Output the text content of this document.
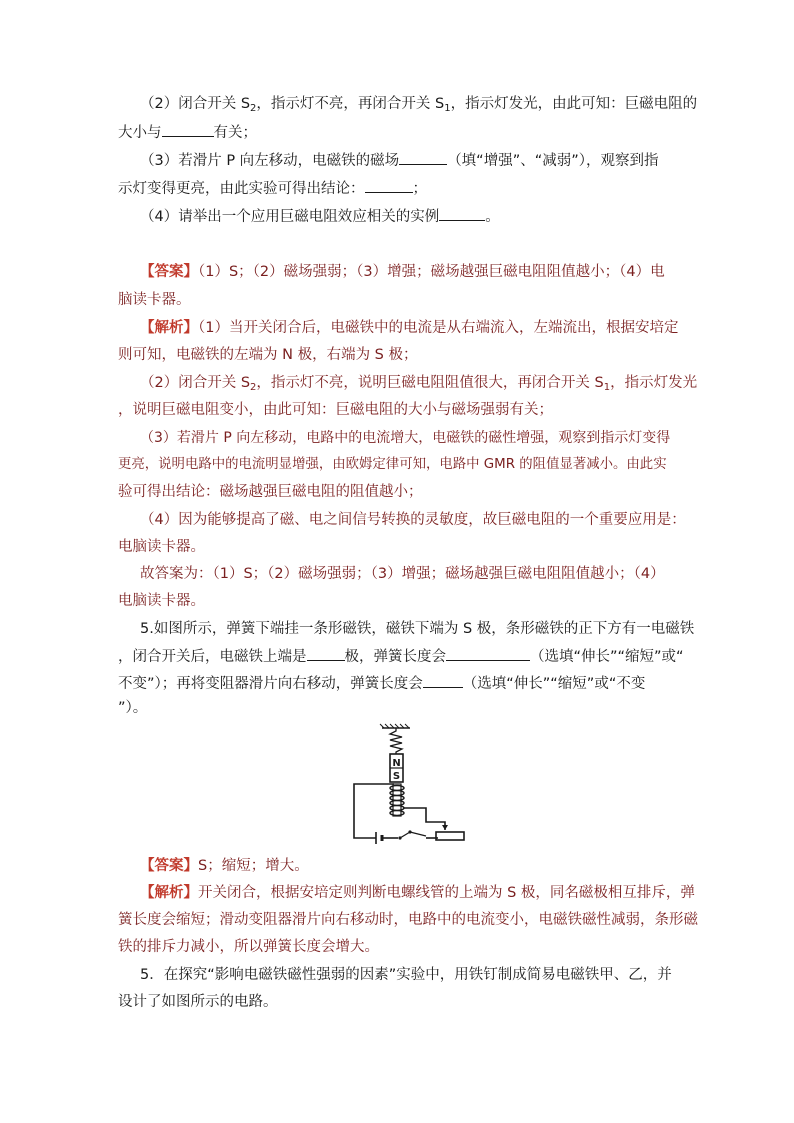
（2）闭合开关 $S_2$，指示灯不亮，再闭合开关 $S_1$，指示灯发光，由此可知：巨磁电阻的
大小与	有关；
（3）若滑片 P 向左移动，电磁铁的磁场	（填“增强”、“减弱”），观察到指
示灯变得更亮，由此实验可得出结论：	；
（4）请举出一个应用巨磁电阻效应相关的实例	。
【答案】（1）S；（2）磁场强弱；（3）增强；磁场越强巨磁电阻阻值越小；（4）电
脑读卡器。
【解析】（1）当开关闭合后，电磁铁中的电流是从右端流入，左端流出，根据安培定
则可知，电磁铁的左端为 N 极，右端为 S 极；
（2）闭合开关 $S_2$，指示灯不亮，说明巨磁电阻阻值很大，再闭合开关 $S_1$，指示灯发光
，说明巨磁电阻变小，由此可知：巨磁电阻的大小与磁场强弱有关；
（3）若滑片 P 向左移动，电路中的电流增大，电磁铁的磁性增强，观察到指示灯变得
更亮，说明电路中的电流明显增强，由欧姆定律可知，电路中 GMR 的阻值显著减小。由此实
验可得出结论：磁场越强巨磁电阻的阻值越小；
（4）因为能够提高了磁、电之间信号转换的灵敏度，故巨磁电阻的一个重要应用是：
电脑读卡器。
故答案为：（1）S；（2）磁场强弱；（3）增强；磁场越强巨磁电阻阻值越小；（4）
电脑读卡器。
5.如图所示，弹簧下端挂一条形磁铁，磁铁下端为 S 极，条形磁铁的正下方有一电磁铁
，闭合开关后，电磁铁上端是	极，弹簧长度会	（选填“伸长”“缩短”或“
不变”）；再将变阻器滑片向右移动，弹簧长度会	（选填“伸长”“缩短”或“不变
”）。
N
S
【答案】S；缩短；增大。
【解析】开关闭合，根据安培定则判断电螺线管的上端为 S 极，同名磁极相互排斥，弹
簧长度会缩短；滑动变阻器滑片向右移动时，电路中的电流变小，电磁铁磁性减弱，条形磁
铁的排斥力减小，所以弹簧长度会增大。
5．在探究“影响电磁铁磁性强弱的因素”实验中，用铁钉制成简易电磁铁甲、乙，并
设计了如图所示的电路。
